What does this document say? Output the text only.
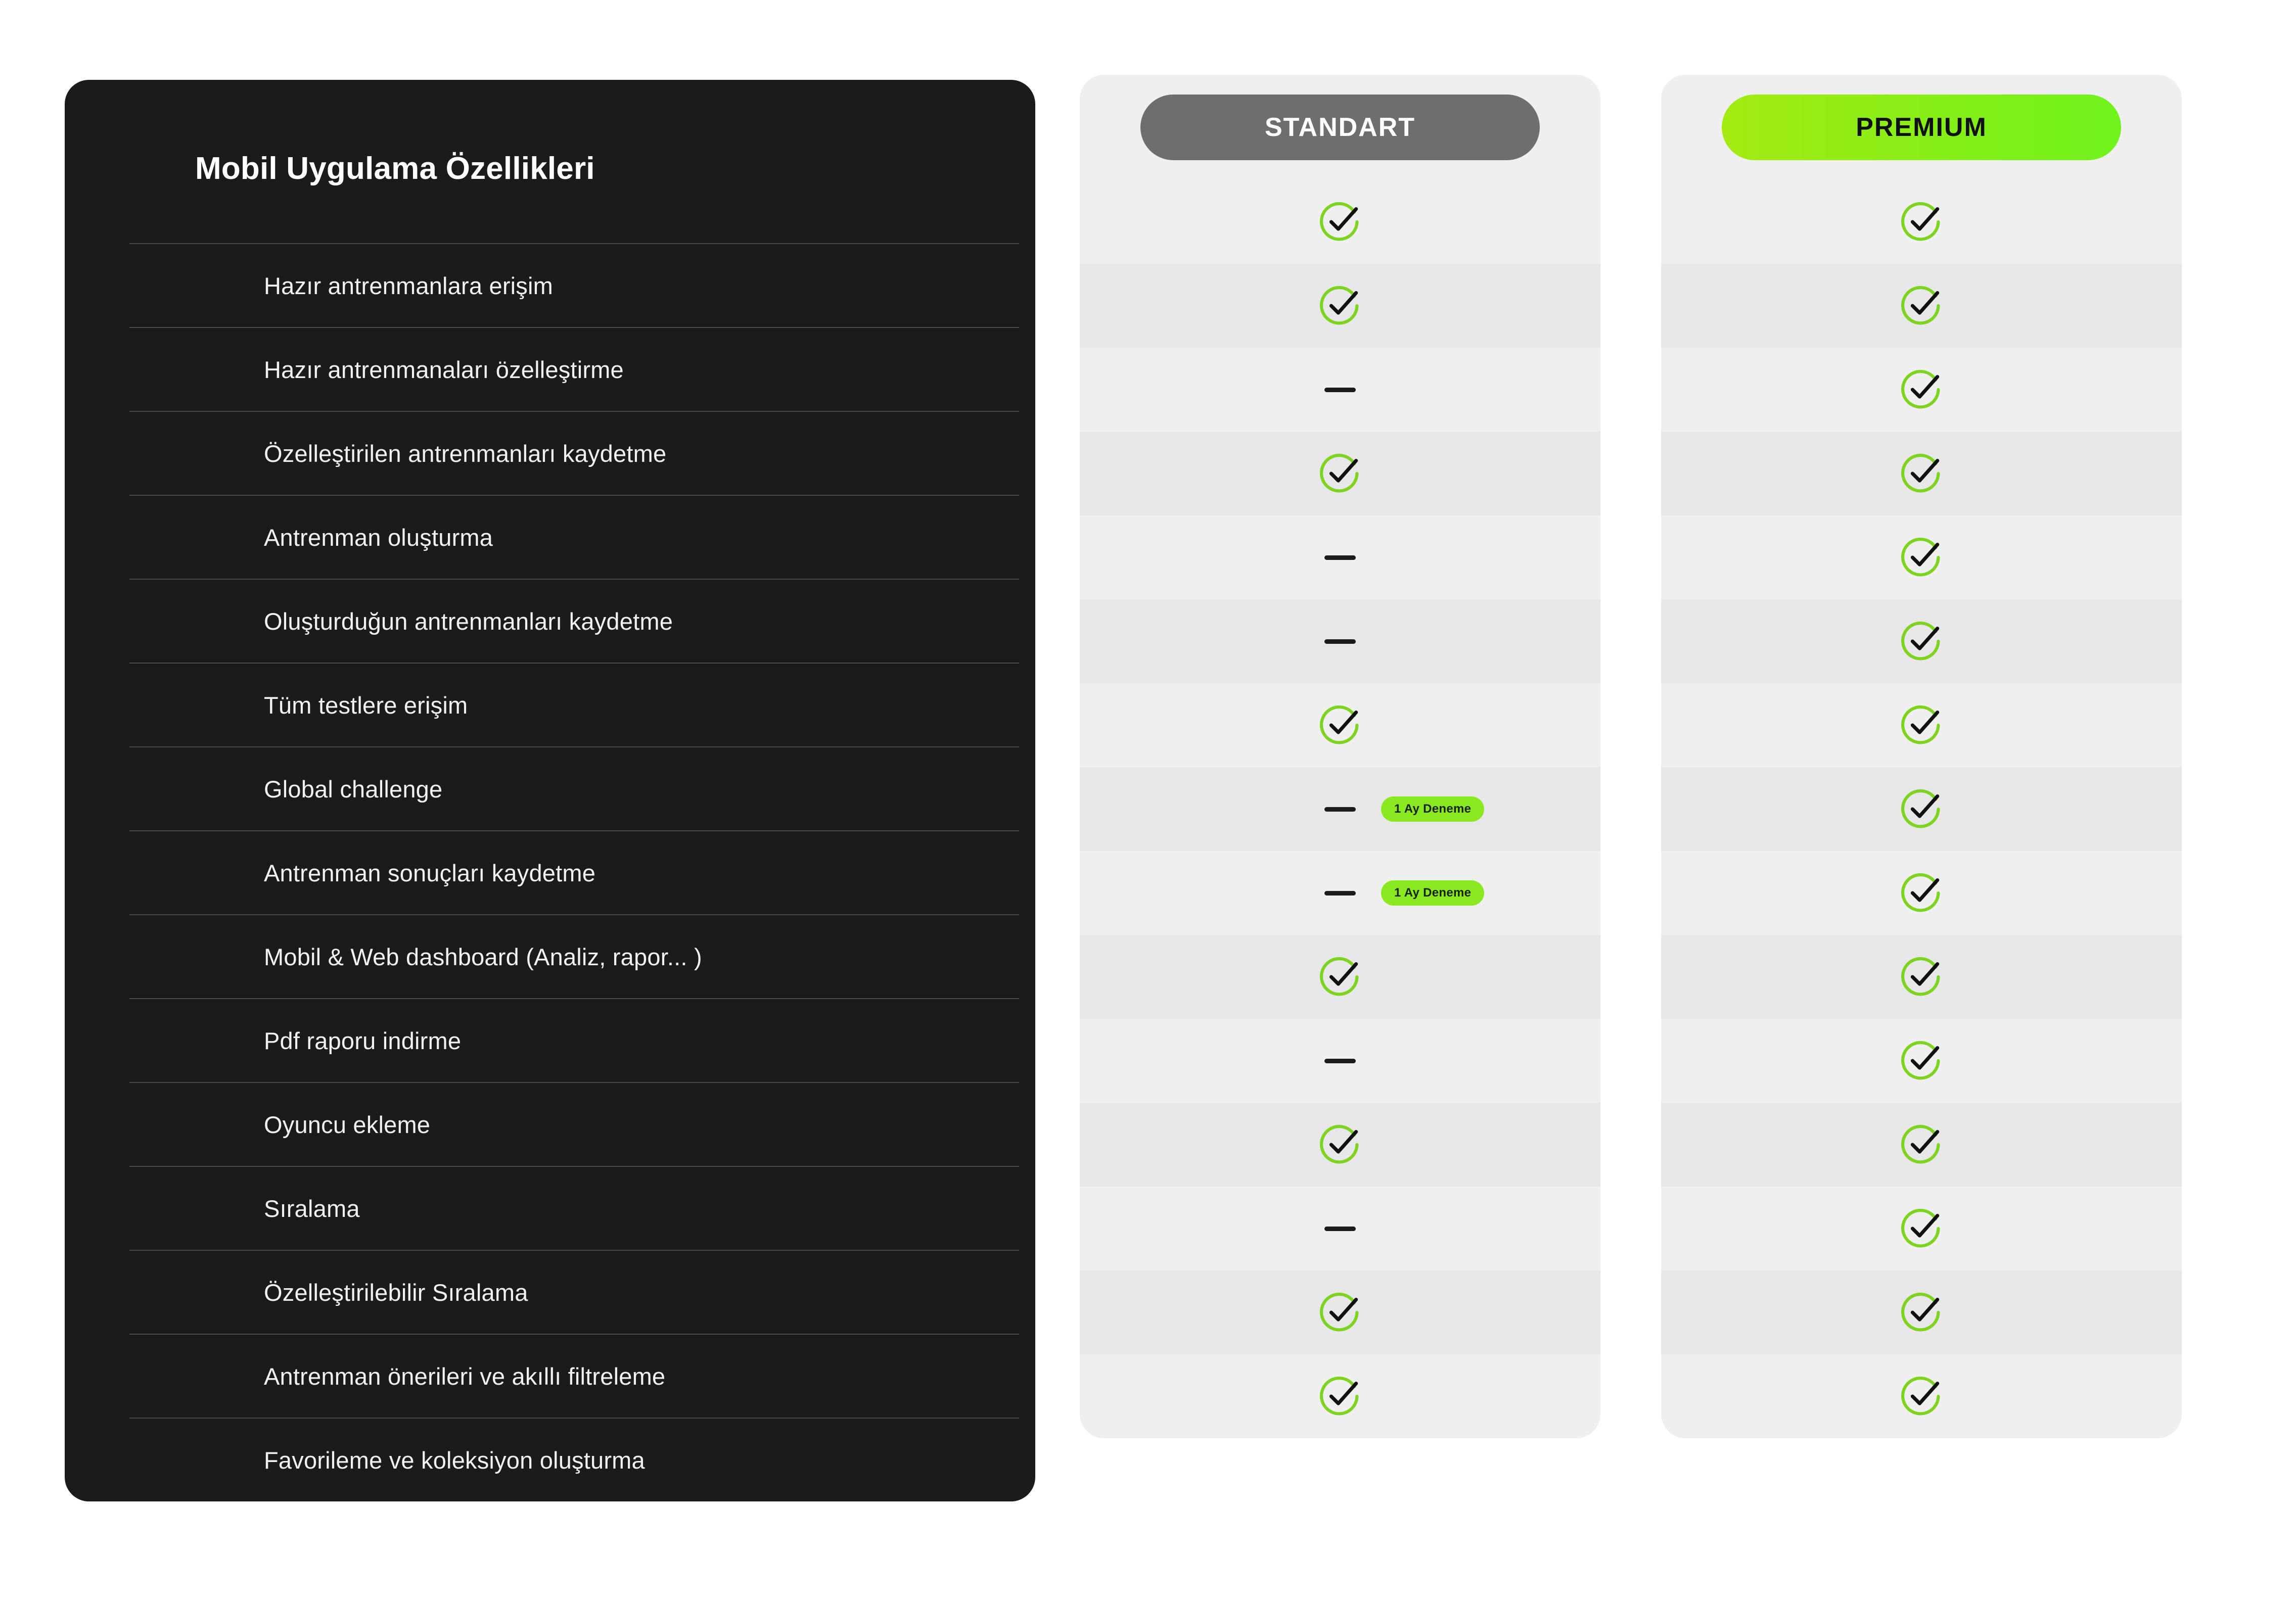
Mobil Uygulama Özellikleri
Hazır antrenmanlara erişim
Hazır antrenmanaları özelleştirme
Özelleştirilen antrenmanları kaydetme
Antrenman oluşturma
Oluşturduğun antrenmanları kaydetme
Tüm testlere erişim
Global challenge
Antrenman sonuçları kaydetme
Mobil & Web dashboard (Analiz, rapor... )
Pdf raporu indirme
Oyuncu ekleme
Sıralama
Özelleştirilebilir Sıralama
Antrenman önerileri ve akıllı filtreleme
Favorileme ve koleksiyon oluşturma
STANDART
1 Ay Deneme
1 Ay Deneme
PREMIUM
